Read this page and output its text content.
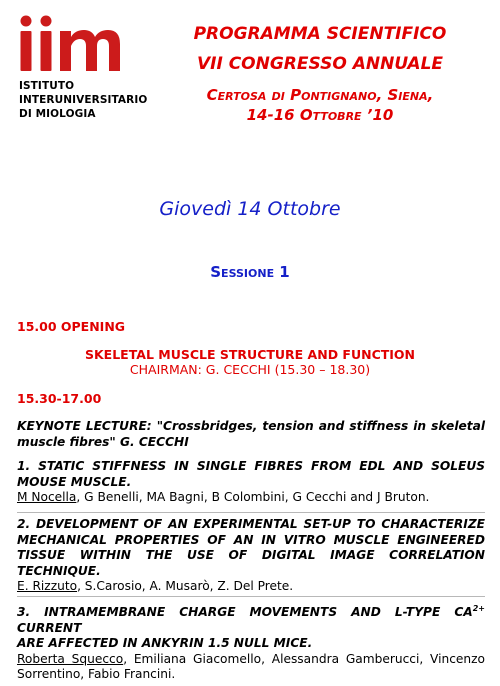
ISTITUTO
INTERUNIVERSITARIO
DI MIOLOGIA
PROGRAMMA SCIENTIFICO
VII CONGRESSO ANNUALE
Certosa di Pontignano, Siena,
14-16 Ottobre ’10
Giovedì 14 Ottobre
Sessione 1
15.00 OPENING
SKELETAL MUSCLE STRUCTURE AND FUNCTION
CHAIRMAN: G. CECCHI (15.30 – 18.30)
15.30-17.00
KEYNOTE LECTURE: "Crossbridges, tension and stiffness in skeletal
muscle fibres" G. CECCHI
1. STATIC STIFFNESS IN SINGLE FIBRES FROM EDL AND SOLEUS
MOUSE MUSCLE.
M Nocella, G Benelli, MA Bagni, B Colombini, G Cecchi and J Bruton.
2. DEVELOPMENT OF AN EXPERIMENTAL SET-UP TO CHARACTERIZE
MECHANICAL PROPERTIES OF AN IN VITRO MUSCLE ENGINEERED
TISSUE WITHIN THE USE OF DIGITAL IMAGE CORRELATION
TECHNIQUE.
E. Rizzuto, S.Carosio, A. Musarò, Z. Del Prete.
3. INTRAMEMBRANE CHARGE MOVEMENTS AND L-TYPE $CA^{2+}$ CURRENT
ARE AFFECTED IN ANKYRIN 1.5 NULL MICE.
Roberta Squecco, Emiliana Giacomello, Alessandra Gamberucci, Vincenzo
Sorrentino, Fabio Francini.
